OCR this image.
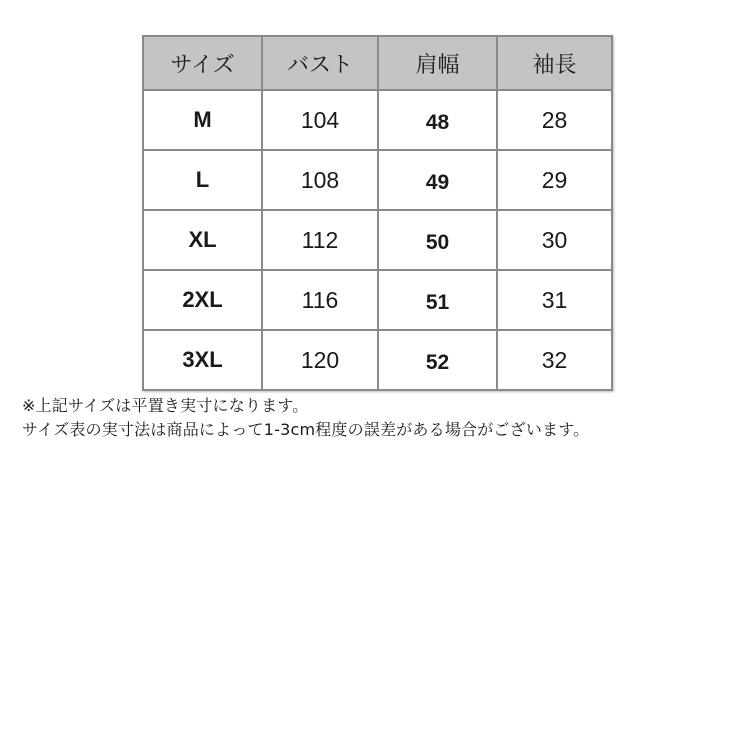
サイズ	バスト	肩幅	袖長
M	104	48	28
L	108	49	29
XL	112	50	30
2XL	116	51	31
3XL	120	52	32
※上記サイズは平置き実寸になります。
サイズ表の実寸法は商品によって1-3cm程度の誤差がある場合がございます。
